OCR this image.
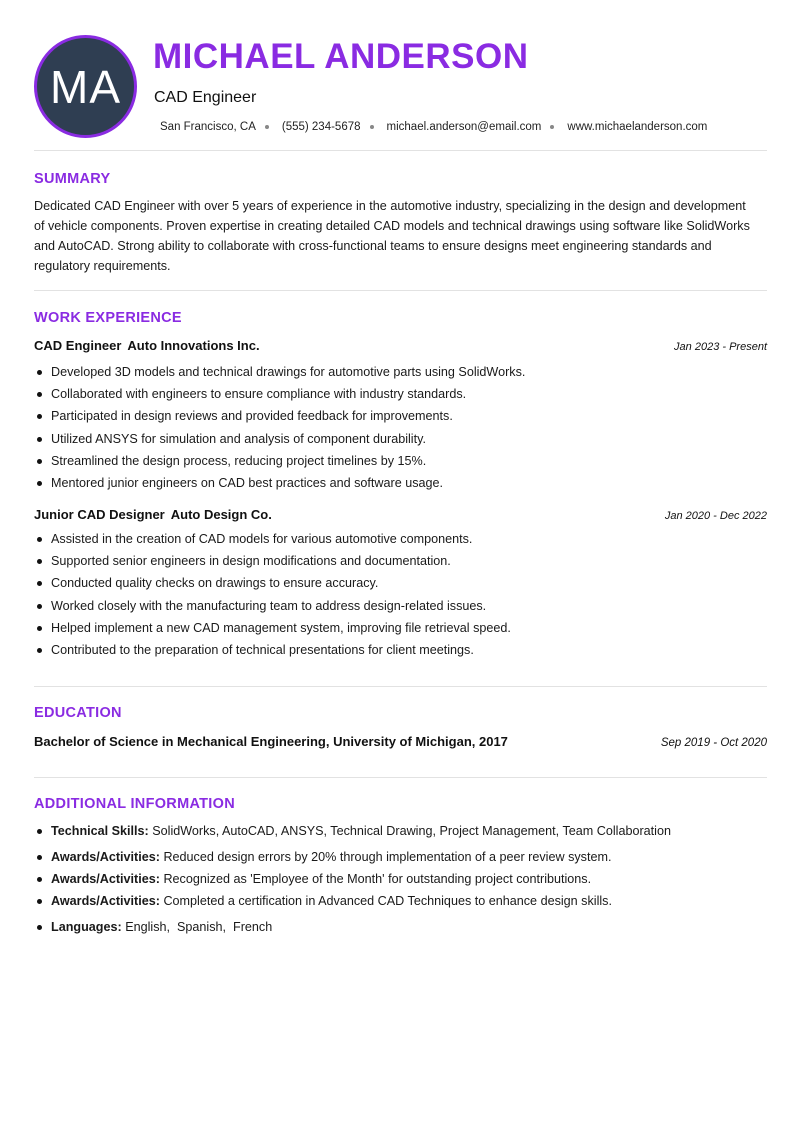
MA
MICHAEL ANDERSON
CAD Engineer
San Francisco, CA (555) 234-5678 michael.anderson@email.com www.michaelanderson.com
SUMMARY
Dedicated CAD Engineer with over 5 years of experience in the automotive industry, specializing in the design and development of vehicle components. Proven expertise in creating detailed CAD models and technical drawings using software like SolidWorks and AutoCAD. Strong ability to collaborate with cross-functional teams to ensure designs meet engineering standards and regulatory requirements.
WORK EXPERIENCE
CAD Engineer Auto Innovations Inc.	Jan 2023 - Present
Developed 3D models and technical drawings for automotive parts using SolidWorks.
Collaborated with engineers to ensure compliance with industry standards.
Participated in design reviews and provided feedback for improvements.
Utilized ANSYS for simulation and analysis of component durability.
Streamlined the design process, reducing project timelines by 15%.
Mentored junior engineers on CAD best practices and software usage.
Junior CAD Designer Auto Design Co.	Jan 2020 - Dec 2022
Assisted in the creation of CAD models for various automotive components.
Supported senior engineers in design modifications and documentation.
Conducted quality checks on drawings to ensure accuracy.
Worked closely with the manufacturing team to address design-related issues.
Helped implement a new CAD management system, improving file retrieval speed.
Contributed to the preparation of technical presentations for client meetings.
EDUCATION
Bachelor of Science in Mechanical Engineering, University of Michigan, 2017	Sep 2019 - Oct 2020
ADDITIONAL INFORMATION
Technical Skills: SolidWorks, AutoCAD, ANSYS, Technical Drawing, Project Management, Team Collaboration
Awards/Activities: Reduced design errors by 20% through implementation of a peer review system.
Awards/Activities: Recognized as 'Employee of the Month' for outstanding project contributions.
Awards/Activities: Completed a certification in Advanced CAD Techniques to enhance design skills.
Languages: English,  Spanish,  French
